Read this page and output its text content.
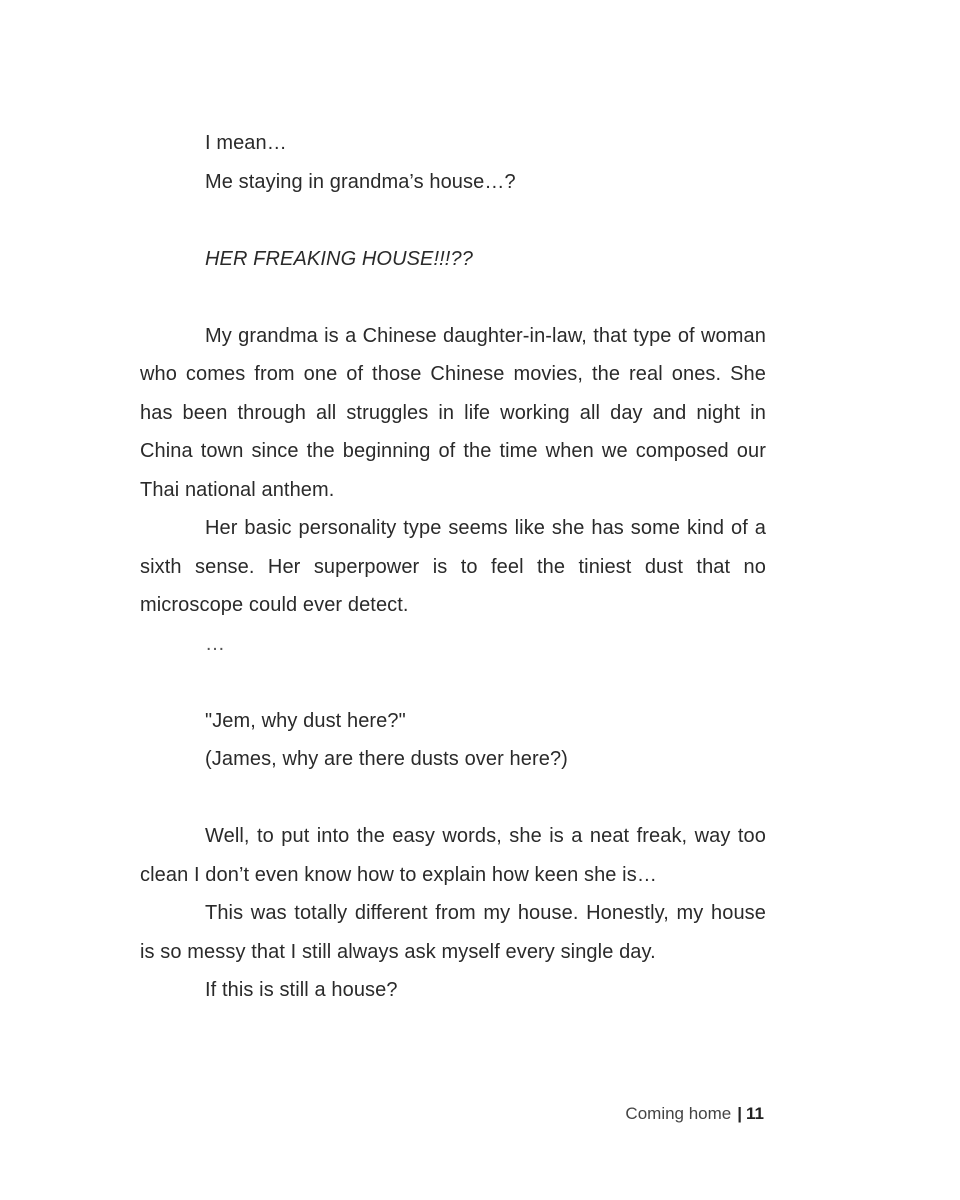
I mean…

Me staying in grandma’s house…?

HER FREAKING HOUSE!!!??

My grandma is a Chinese daughter-in-law, that type of woman who comes from one of those Chinese movies, the real ones. She has been through all struggles in life working all day and night in China town since the beginning of the time when we composed our Thai national anthem.

Her basic personality type seems like she has some kind of a sixth sense. Her superpower is to feel the tiniest dust that no microscope could ever detect.

…

"Jem, why dust here?"

(James, why are there dusts over here?)

Well, to put into the easy words, she is a neat freak, way too clean I don’t even know how to explain how keen she is…

This was totally different from my house. Honestly, my house is so messy that I still always ask myself every single day.

If this is still a house?

Coming home | 11
